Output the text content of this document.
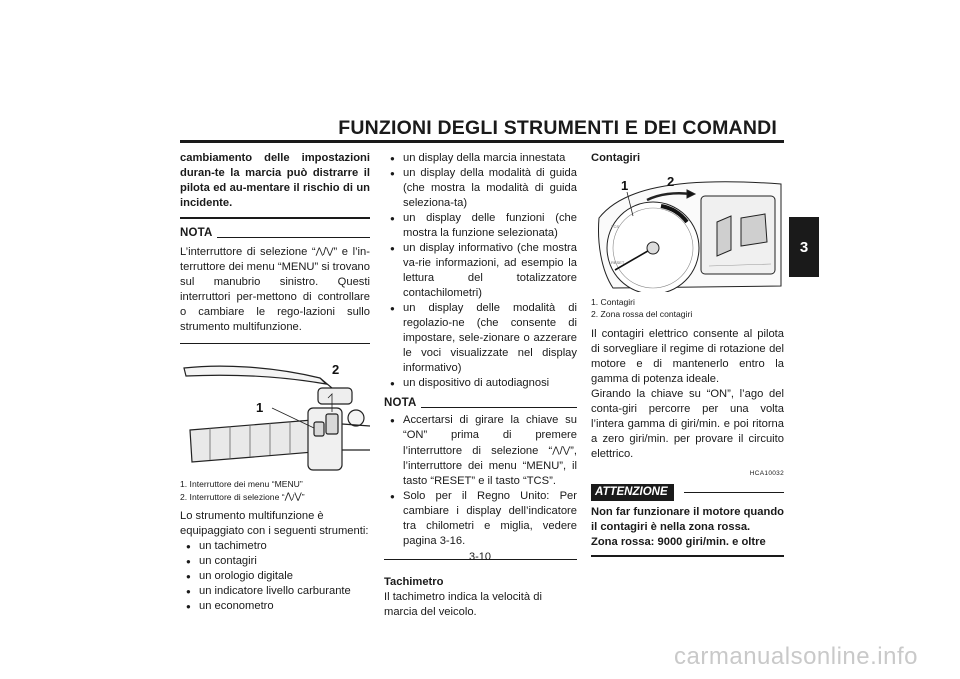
FUNZIONI DEGLI STRUMENTI E DEI COMANDI
3

cambiamento delle impostazioni duran-te la marcia può distrarre il pilota ed au-mentare il rischio di un incidente.

NOTA

L’interruttore di selezione “⋀/⋁” e l’in-terruttore dei menu “MENU” si trovano sul manubrio sinistro. Questi interruttori per-mettono di controllare o cambiare le rego-lazioni sullo strumento multifunzione.

2
1
1. Interruttore dei menu “MENU”
2. Interruttore di selezione “⋀/⋁”

Lo strumento multifunzione è equipaggiato con i seguenti strumenti:

● un tachimetro
● un contagiri
● un orologio digitale
● un indicatore livello carburante
● un econometro
● un display della marcia innestata
● un display della modalità di guida (che mostra la modalità di guida seleziona-ta)
● un display delle funzioni (che mostra la funzione selezionata)
● un display informativo (che mostra va-rie informazioni, ad esempio la lettura del totalizzatore contachilometri)
● un display delle modalità di regolazio-ne (che consente di impostare, sele-zionare o azzerare le voci visualizzate nel display informativo)
● un dispositivo di autodiagnosi
NOTA
● Accertarsi di girare la chiave su “ON” prima di premere l’interruttore di selezione “⋀/⋁”, l’interruttore dei menu “MENU”, il tasto “RESET” e il tasto “TCS”.
● Solo per il Regno Unito: Per cambiare i display dell’indicatore tra chilometri e miglia, vedere pagina 3-16.

Tachimetro

Il tachimetro indica la velocità di marcia del veicolo.

Contagiri

TCS
RESET
1	2
1. Contagiri
2. Zona rossa del contagiri

Il contagiri elettrico consente al pilota di sorvegliare il regime di rotazione del motore e di mantenerlo entro la gamma di potenza ideale.
Girando la chiave su “ON”, l’ago del conta-giri percorre per una volta l’intera gamma di giri/min. e poi ritorna a zero giri/min. per provare il circuito elettrico.

HCA10032
ATTENZIONE

Non far funzionare il motore quando il contagiri è nella zona rossa.

Zona rossa: 9000 giri/min. e oltre

3-10
carmanualsonline.info
